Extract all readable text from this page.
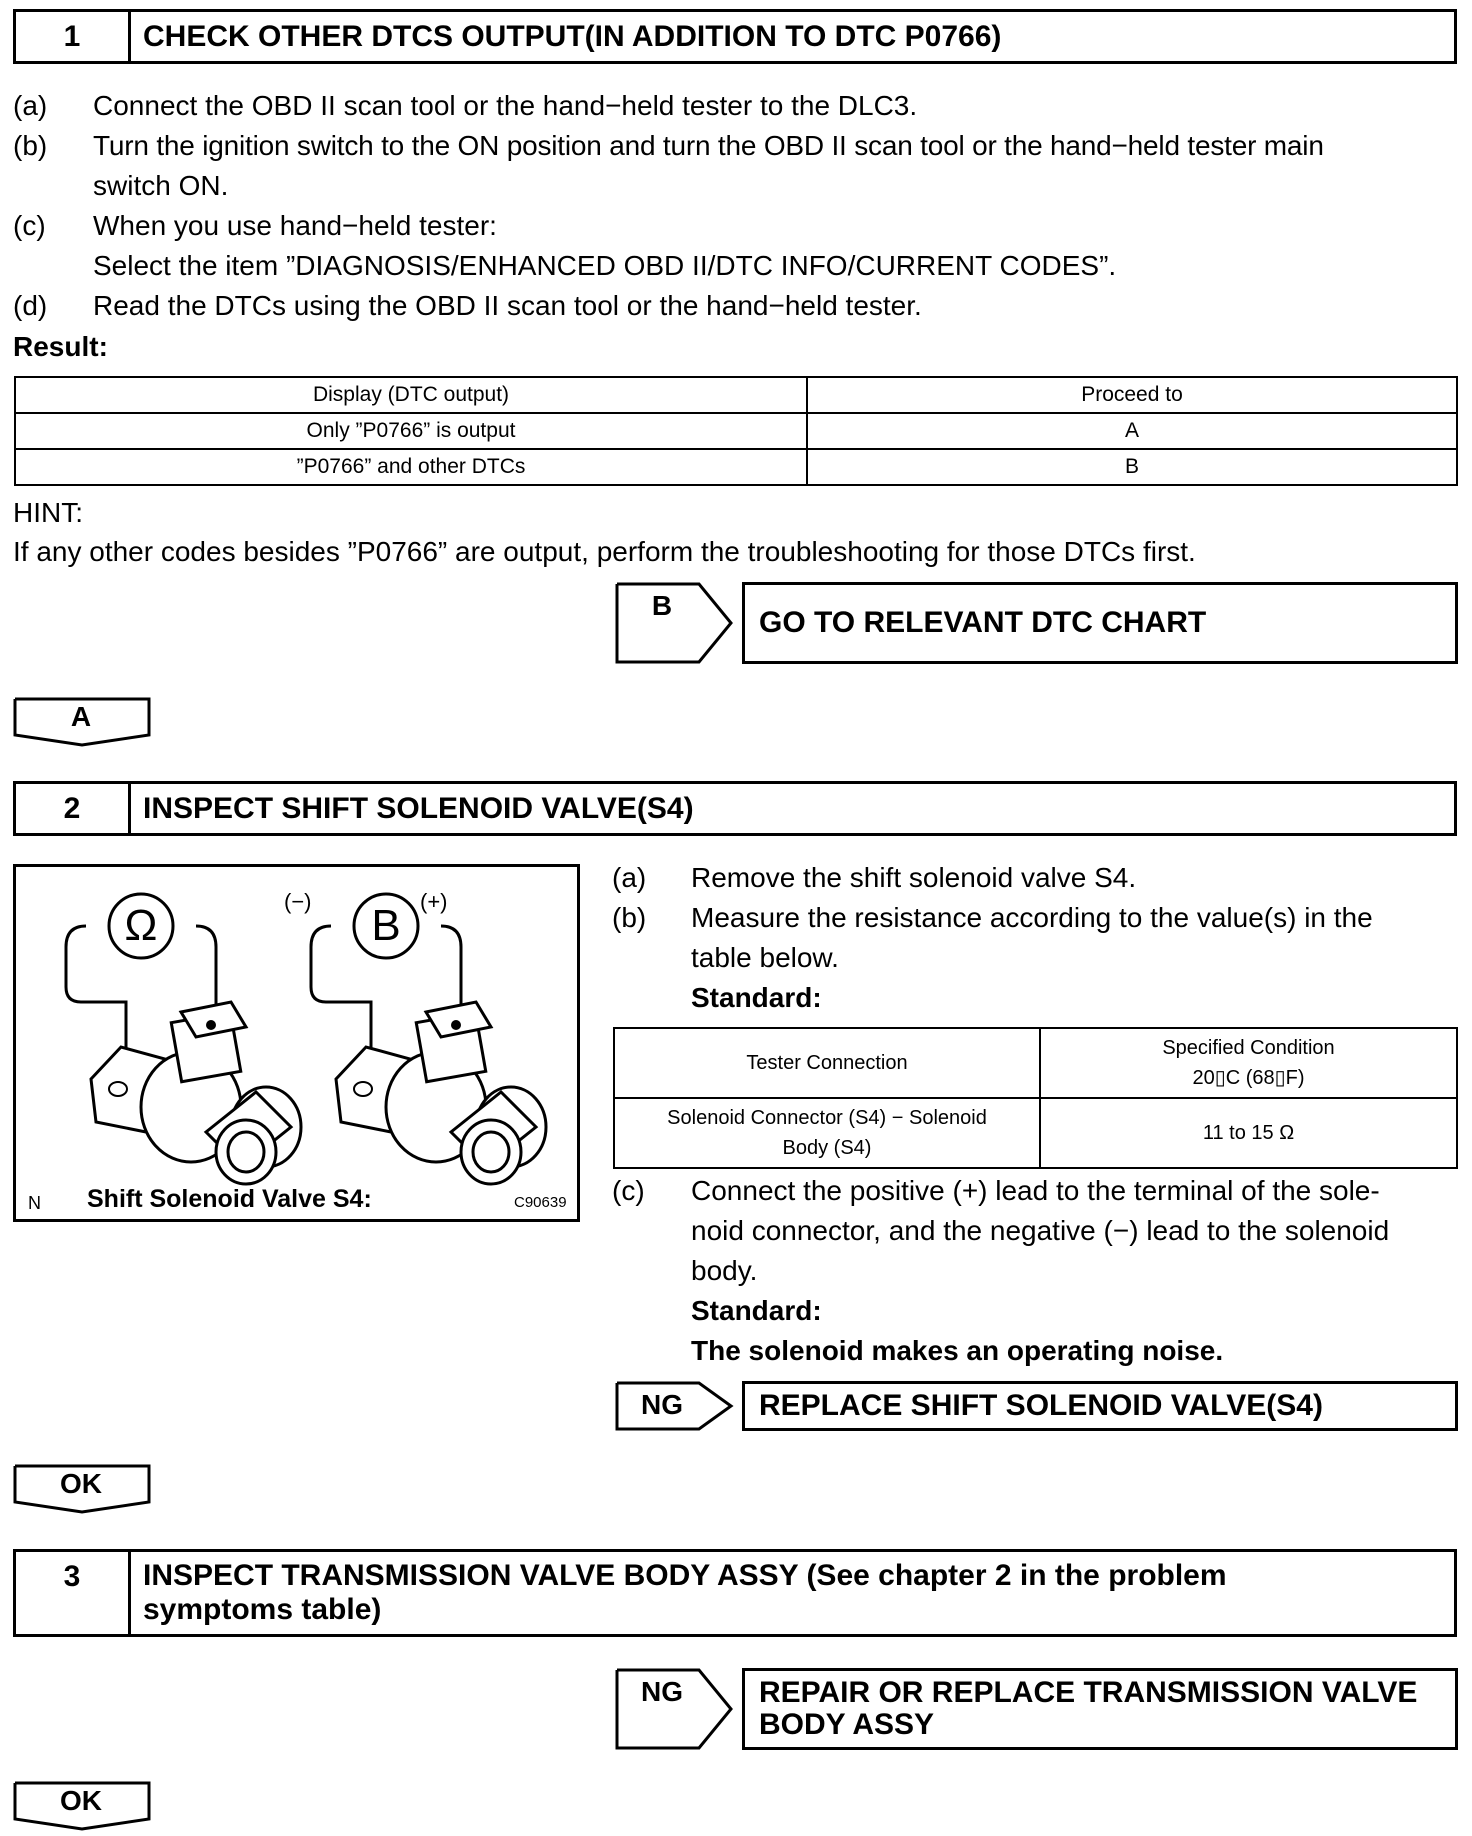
1	CHECK OTHER DTCS OUTPUT(IN ADDITION TO DTC P0766)
(a) Connect the OBD II scan tool or the hand−held tester to the DLC3.
(b) Turn the ignition switch to the ON position and turn the OBD II scan tool or the hand−held tester main
switch ON.
(c) When you use hand−held tester:
Select the item ”DIAGNOSIS/ENHANCED OBD II/DTC INFO/CURRENT CODES”.
(d) Read the DTCs using the OBD II scan tool or the hand−held tester.
Result:
Display (DTC output)	Proceed to
Only ”P0766” is output	A
”P0766” and other DTCs	B
HINT:
If any other codes besides ”P0766” are output, perform the troubleshooting for those DTCs first.
B
GO TO RELEVANT DTC CHART
A
2	INSPECT SHIFT SOLENOID VALVE(S4)
Ω	B
(−)	(+)
N Shift Solenoid Valve S4:	C90639
(a) Remove the shift solenoid valve S4.
(b) Measure the resistance according to the value(s) in the
table below.
Standard:
Tester Connection	Specified Condition
20▯C (68▯F)

Solenoid Connector (S4) − Solenoid
Body (S4)	11 to 15 Ω
(c) Connect the positive (+) lead to the terminal of the sole-
noid connector, and the negative (−) lead to the solenoid
body.
Standard:
The solenoid makes an operating noise.
NG	REPLACE SHIFT SOLENOID VALVE(S4)
OK
3	INSPECT TRANSMISSION VALVE BODY ASSY (See chapter 2 in the problem
symptoms table)
NG	REPAIR OR REPLACE TRANSMISSION VALVE
BODY ASSY
OK
